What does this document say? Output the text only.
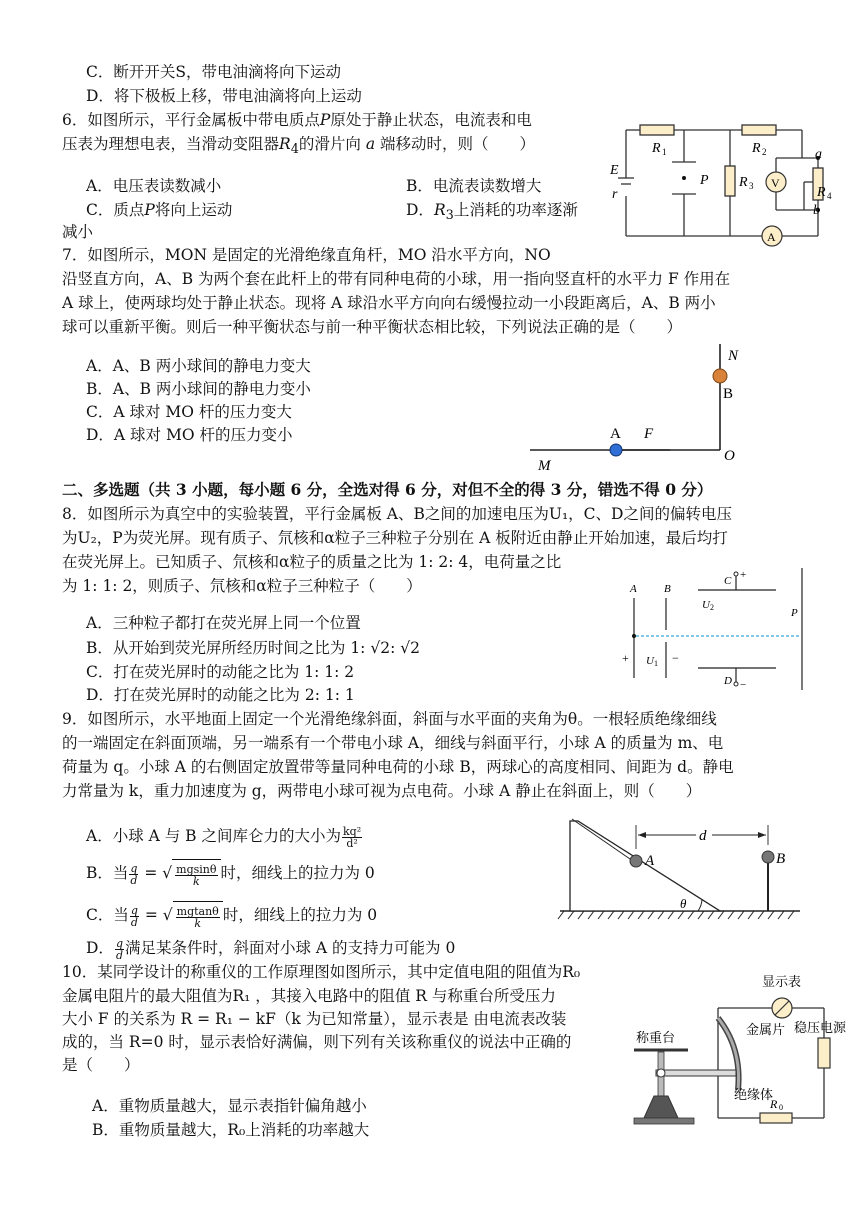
C．断开开关S，带电油滴将向下运动
D．将下极板上移，带电油滴将向上运动
6．如图所示，平行金属板中带电质点P原处于静止状态，电流表和电
压表为理想电表，当滑动变阻器$R_4$的滑片向 a 端移动时，则（　　）
A．电压表读数减小	B．电流表读数增大
C．质点P将向上运动	D．$R_3$上消耗的功率逐渐
减小
E
r
R 1	R 2
R 3	R 4
P	V
A
a
b
7．如图所示，MON 是固定的光滑绝缘直角杆，MO 沿水平方向，NO
沿竖直方向，A、B 为两个套在此杆上的带有同种电荷的小球，用一指向竖直杆的水平力 F 作用在
A 球上，使两球均处于静止状态。现将 A 球沿水平方向向右缓慢拉动一小段距离后，A、B 两小
球可以重新平衡。则后一种平衡状态与前一种平衡状态相比较，下列说法正确的是（　　）
A．A、B 两小球间的静电力变大
B．A、B 两小球间的静电力变小
C．A 球对 MO 杆的压力变大
D．A 球对 MO 杆的压力变小
N
B
A F
M
O
二、多选题（共 3 小题，每小题 6 分，全选对得 6 分，对但不全的得 3 分，错选不得 0 分）
8．如图所示为真空中的实验装置，平行金属板 A、B之间的加速电压为U₁，C、D之间的偏转电压
为U₂，P为荧光屏。现有质子、氘核和α粒子三种粒子分别在 A 板附近由静止开始加速，最后均打
在荧光屏上。已知质子、氘核和α粒子的质量之比为 1: 2: 4，电荷量之比
为 1: 1: 2，则质子、氘核和α粒子三种粒子（　　）
A．三种粒子都打在荧光屏上同一个位置
B．从开始到荧光屏所经历时间之比为 1: √2: √2
C．打在荧光屏时的动能之比为 1: 1: 2
D．打在荧光屏时的动能之比为 2: 1: 1
A B
C +
D −
U 2
U 1
+	−
P
9．如图所示，水平地面上固定一个光滑绝缘斜面，斜面与水平面的夹角为θ。一根轻质绝缘细线
的一端固定在斜面顶端，另一端系有一个带电小球 A，细线与斜面平行，小球 A 的质量为 m、电
荷量为 q。小球 A 的右侧固定放置带等量同种电荷的小球 B，两球心的高度相同、间距为 d。静电
力常量为 k，重力加速度为 g，两带电小球可视为点电荷。小球 A 静止在斜面上，则（　　）
A．小球 A 与 B 之间库仑力的大小为 $\frac{\text{kq²}}{\text{d²}}$
B．当 $\frac{q}{d}$ = √ $\frac{mgsin\theta}{k}$ 时，细线上的拉力为 0
C．当 $\frac{q}{d}$ = √ $\frac{mgtan\theta}{k}$ 时，细线上的拉力为 0
D． $\frac{q}{d}$ 满足某条件时，斜面对小球 A 的支持力可能为 0
d
A	B
θ
10．某同学设计的称重仪的工作原理图如图所示，其中定值电阻的阻值为R₀
金属电阻片的最大阻值为R₁ ，其接入电路中的阻值 R 与称重台所受压力
大小 F 的关系为 R = R₁ − kF（k 为已知常量），显示表是 由电流表改装
成的，当 R=0 时，显示表恰好满偏，则下列有关该称重仪的说法中正确的
是（　　）
A．重物质量越大，显示表指针偏角越小
B．重物质量越大，R₀上消耗的功率越大
显示表
金属片
绝缘体
稳压电源
R 0
称重台
